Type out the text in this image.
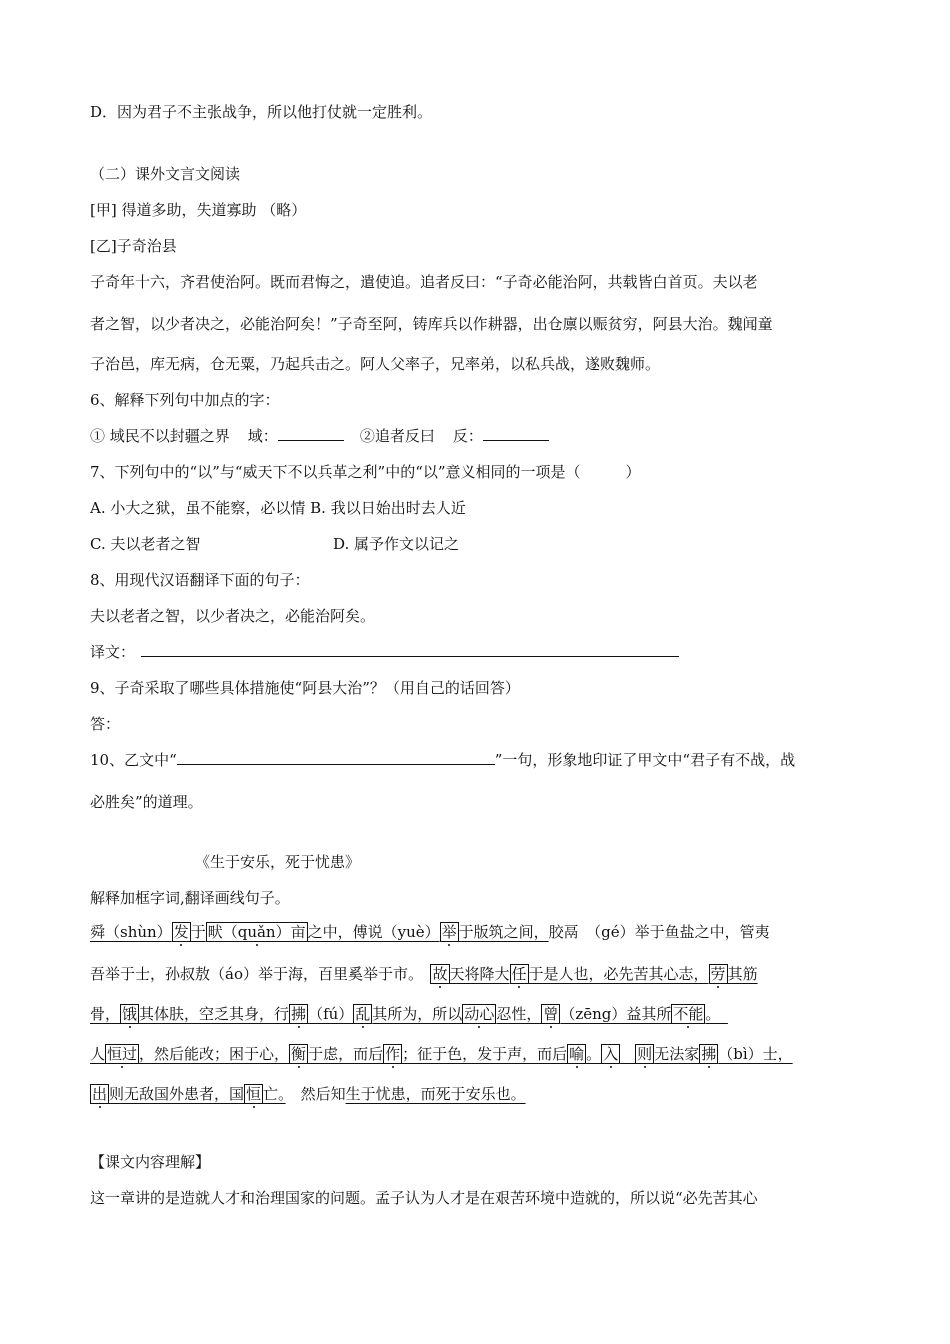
D．因为君子不主张战争，所以他打仗就一定胜利。
（二）课外文言文阅读
[甲] 得道多助，失道寡助 （略）
[乙]子奇治县
子奇年十六，齐君使治阿。既而君悔之，遣使追。追者反曰：“子奇必能治阿，共载皆白首页。夫以老
者之智，以少者决之，必能治阿矣！”子奇至阿，铸库兵以作耕器，出仓廪以赈贫穷，阿县大治。魏闻童
子治邑，库无病，仓无粟，乃起兵击之。阿人父率子，兄率弟，以私兵战，遂败魏师。
6、解释下列句中加点的字：
① 域民不以封疆之界 域：	②追者反曰 反：
7、下列句中的“以”与“威天下不以兵革之利”中的“以”意义相同的一项是（　　　）
A. 小大之狱，虽不能察，必以情 B. 我以日始出时去人近
C. 夫以老者之智	D. 属予作文以记之
8、用现代汉语翻译下面的句子：
夫以老者之智，以少者决之，必能治阿矣。
译文：
9、子奇采取了哪些具体措施使“阿县大治”？（用自己的话回答）
答：
10、乙文中“	”一句，形象地印证了甲文中“君子有不战，战
必胜矣”的道理。
《生于安乐，死于忧患》
解释加框字词,翻译画线句子。
舜（shùn） 发 于 畎（quǎn）亩 之中，傅说（yuè） 举 于版筑之间，胶鬲　（gé）举于鱼盐之中，管夷
吾举于士，孙叔敖（áo）举于海，百里奚举于市。　故 天将降大 任 于是人也，必先苦其心志， 劳 其筋
骨， 饿 其体肤，空乏其身，行 拂 （fú） 乱 其所为，所以 动心 忍性， 曾 （zēng）益其所 不能 。　
人 恒过 ，然后能改；困于心， 衡 于虑，而后 作 ；征于色，发于声，而后 喻 。 入　 则 无法家 拂 （bì）士，
出 则无敌国外患者，国 恒 亡。　然后知生于忧患，而死于安乐也。
【课文内容理解】
这一章讲的是造就人才和治理国家的问题。孟子认为人才是在艰苦环境中造就的，所以说“必先苦其心
